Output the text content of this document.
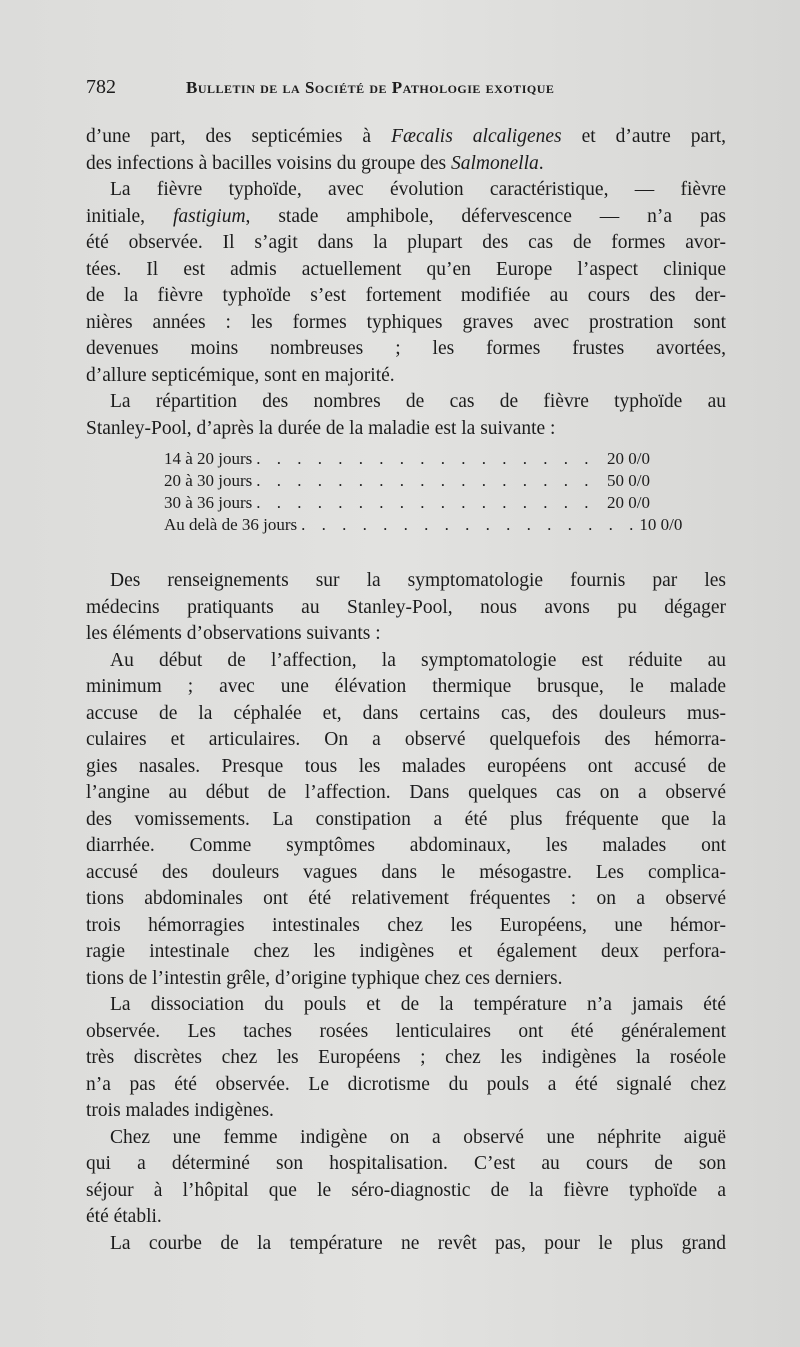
782	Bulletin de la Société de Pathologie exotique
d’une part, des septicémies à Fæcalis alcaligenes et d’autre part,
des infections à bacilles voisins du groupe des Salmonella.
La fièvre typhoïde, avec évolution caractéristique, — fièvre
initiale, fastigium, stade amphibole, défervescence — n’a pas
été observée. Il s’agit dans la plupart des cas de formes avor-
tées. Il est admis actuellement qu’en Europe l’aspect clinique
de la fièvre typhoïde s’est fortement modifiée au cours des der-
nières années : les formes typhiques graves avec prostration sont
devenues moins nombreuses ; les formes frustes avortées,
d’allure septicémique, sont en majorité.
La répartition des nombres de cas de fièvre typhoïde au
Stanley-Pool, d’après la durée de la maladie est la suivante :
14 à 20 jours . . . . . . . . . . . . . . . . . 20 0/0
20 à 30 jours . . . . . . . . . . . . . . . . . 50 0/0
30 à 36 jours . . . . . . . . . . . . . . . . . 20 0/0
Au delà de 36 jours . . . . . . . . . . . . . . . . . 10 0/0
Des renseignements sur la symptomatologie fournis par les
médecins pratiquants au Stanley-Pool, nous avons pu dégager
les éléments d’observations suivants :
Au début de l’affection, la symptomatologie est réduite au
minimum ; avec une élévation thermique brusque, le malade
accuse de la céphalée et, dans certains cas, des douleurs mus-
culaires et articulaires. On a observé quelquefois des hémorra-
gies nasales. Presque tous les malades européens ont accusé de
l’angine au début de l’affection. Dans quelques cas on a observé
des vomissements. La constipation a été plus fréquente que la
diarrhée. Comme symptômes abdominaux, les malades ont
accusé des douleurs vagues dans le mésogastre. Les complica-
tions abdominales ont été relativement fréquentes : on a observé
trois hémorragies intestinales chez les Européens, une hémor-
ragie intestinale chez les indigènes et également deux perfora-
tions de l’intestin grêle, d’origine typhique chez ces derniers.
La dissociation du pouls et de la température n’a jamais été
observée. Les taches rosées lenticulaires ont été généralement
très discrètes chez les Européens ; chez les indigènes la roséole
n’a pas été observée. Le dicrotisme du pouls a été signalé chez
trois malades indigènes.
Chez une femme indigène on a observé une néphrite aiguë
qui a déterminé son hospitalisation. C’est au cours de son
séjour à l’hôpital que le séro-diagnostic de la fièvre typhoïde a
été établi.
La courbe de la température ne revêt pas, pour le plus grand
